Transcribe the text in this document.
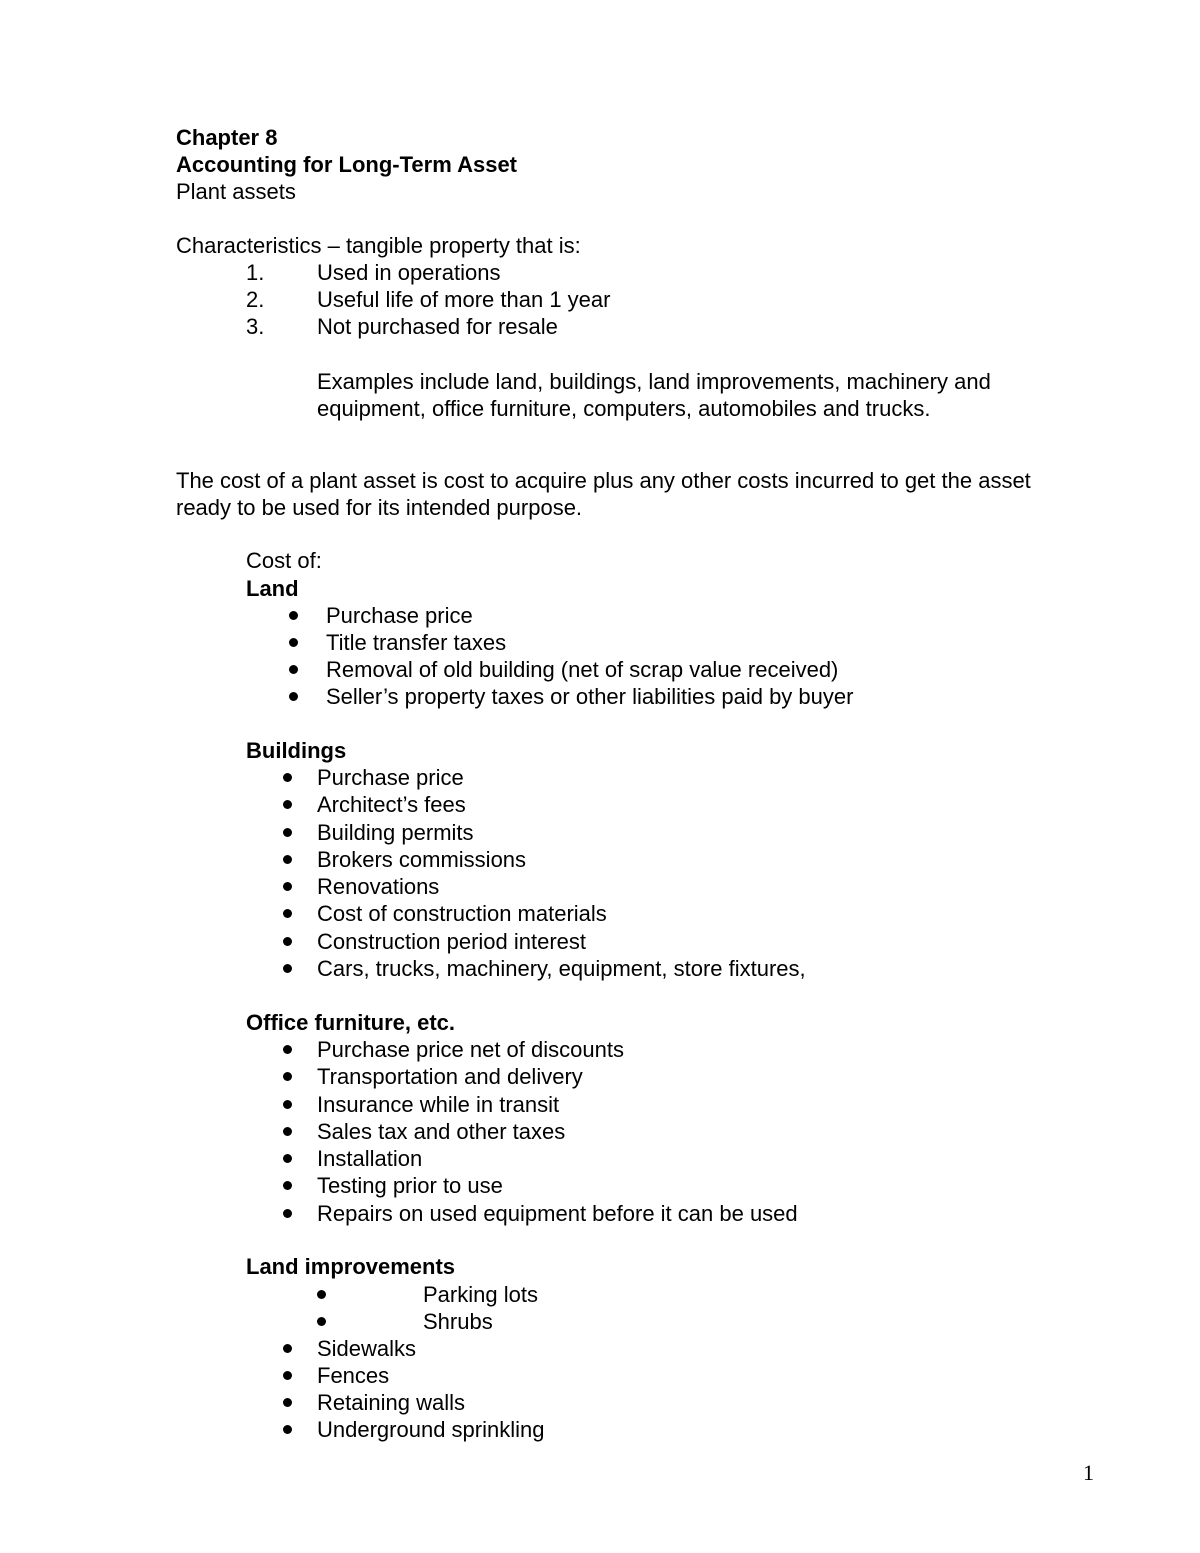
Chapter 8
Accounting for Long-Term Asset
Plant assets
Characteristics – tangible property that is:
1. Used in operations
2. Useful life of more than 1 year
3. Not purchased for resale
Examples include land, buildings, land improvements, machinery and
equipment, office furniture, computers, automobiles and trucks.
The cost of a plant asset is cost to acquire plus any other costs incurred to get the asset
ready to be used for its intended purpose.
Cost of:
Land
Purchase price
Title transfer taxes
Removal of old building (net of scrap value received)
Seller’s property taxes or other liabilities paid by buyer
Buildings
Purchase price
Architect’s fees
Building permits
Brokers commissions
Renovations
Cost of construction materials
Construction period interest
Cars, trucks, machinery, equipment, store fixtures,
Office furniture, etc.
Purchase price net of discounts
Transportation and delivery
Insurance while in transit
Sales tax and other taxes
Installation
Testing prior to use
Repairs on used equipment before it can be used
Land improvements
Parking lots
Shrubs
Sidewalks
Fences
Retaining walls
Underground sprinkling
1
